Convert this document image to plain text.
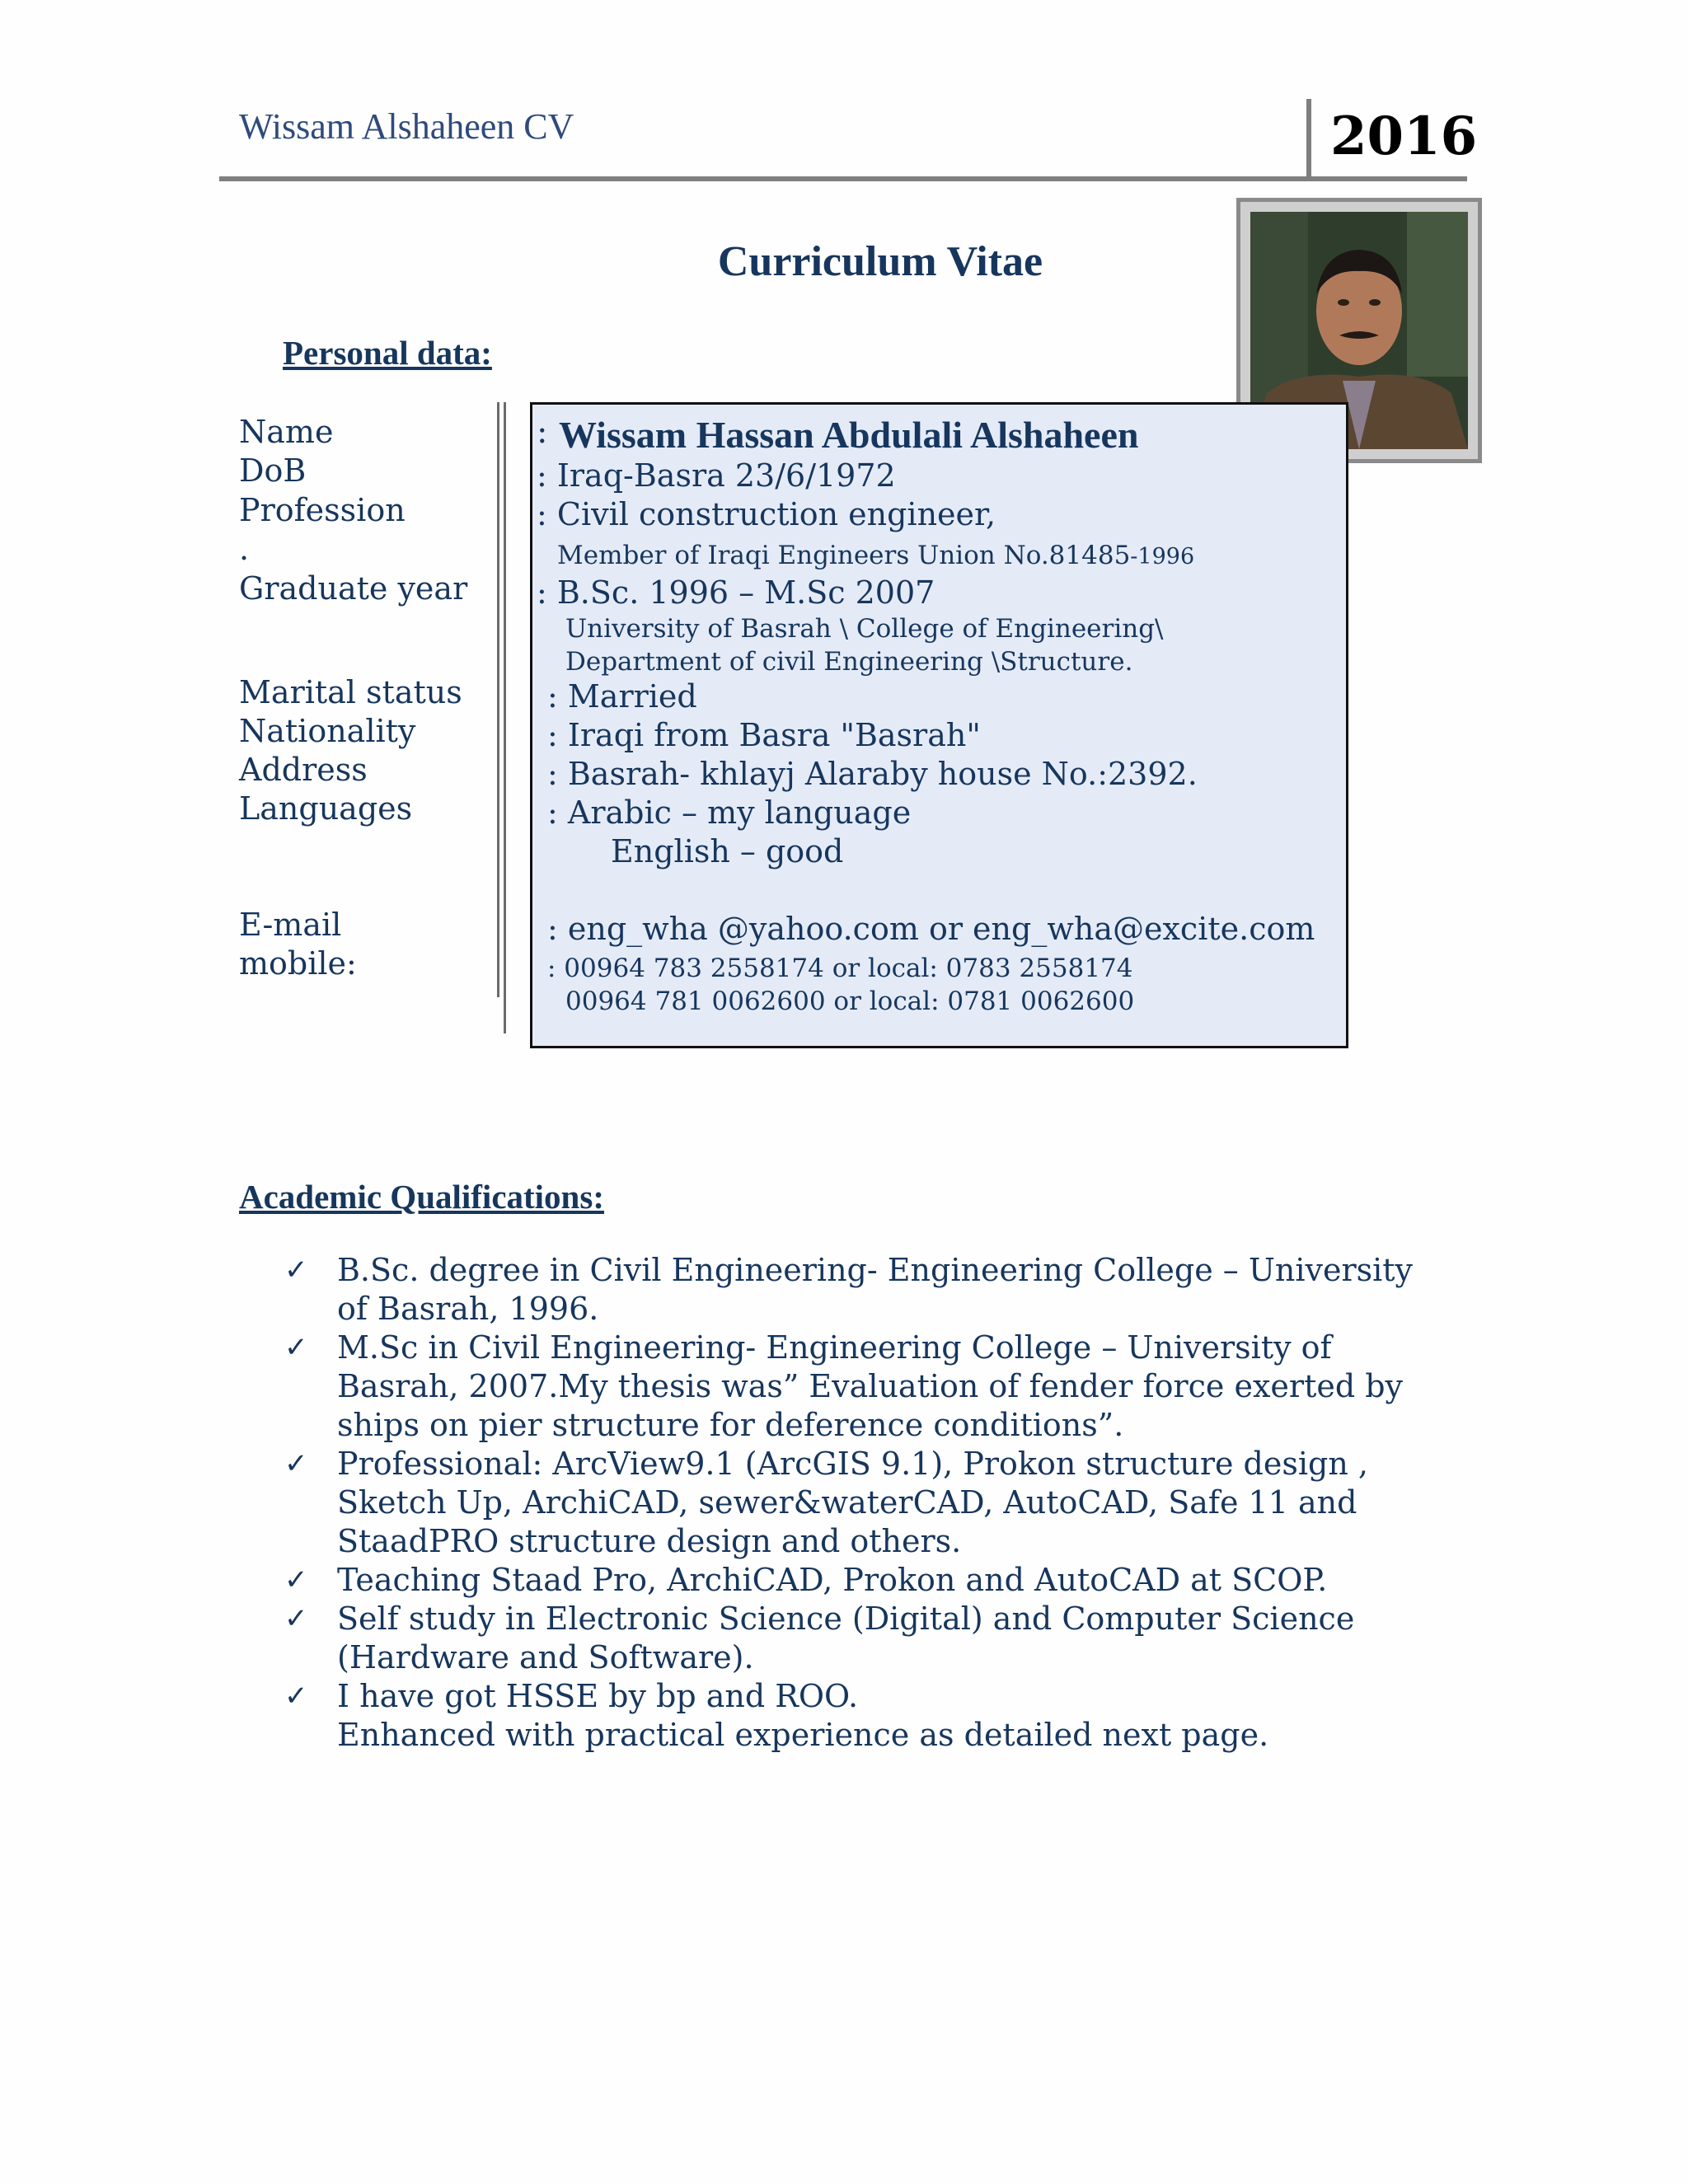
Wissam Alshaheen CV	2016
Curriculum Vitae
Personal data:
Name
DoB
Profession
.
Graduate year
Marital status
Nationality
Address
Languages
E-mail
mobile:
: Wissam Hassan Abdulali Alshaheen
: Iraq-Basra 23/6/1972
: Civil construction engineer,
Member of Iraqi Engineers Union No.81485-1996
: B.Sc. 1996 – M.Sc 2007
University of Basrah \ College of Engineering\
Department of civil Engineering \Structure.
: Married
: Iraqi from Basra "Basrah"
: Basrah- khlayj Alaraby house No.:2392.
: Arabic – my language
English – good
: eng_wha @yahoo.com or eng_wha@excite.com
: 00964 783 2558174 or local: 0783 2558174
00964 781 0062600 or local: 0781 0062600
Academic Qualifications:
✓ B.Sc. degree in Civil Engineering- Engineering College – University of Basrah, 1996.
✓ M.Sc in Civil Engineering- Engineering College – University of Basrah, 2007.My thesis was” Evaluation of fender force exerted by ships on pier structure for deference conditions”.
✓ Professional: ArcView9.1 (ArcGIS 9.1), Prokon structure design , Sketch Up, ArchiCAD, sewer&waterCAD, AutoCAD, Safe 11 and StaadPRO structure design and others.
✓ Teaching Staad Pro, ArchiCAD, Prokon and AutoCAD at SCOP.
✓ Self study in Electronic Science (Digital) and Computer Science (Hardware and Software).
✓ I have got HSSE by bp and ROO.
Enhanced with practical experience as detailed next page.
